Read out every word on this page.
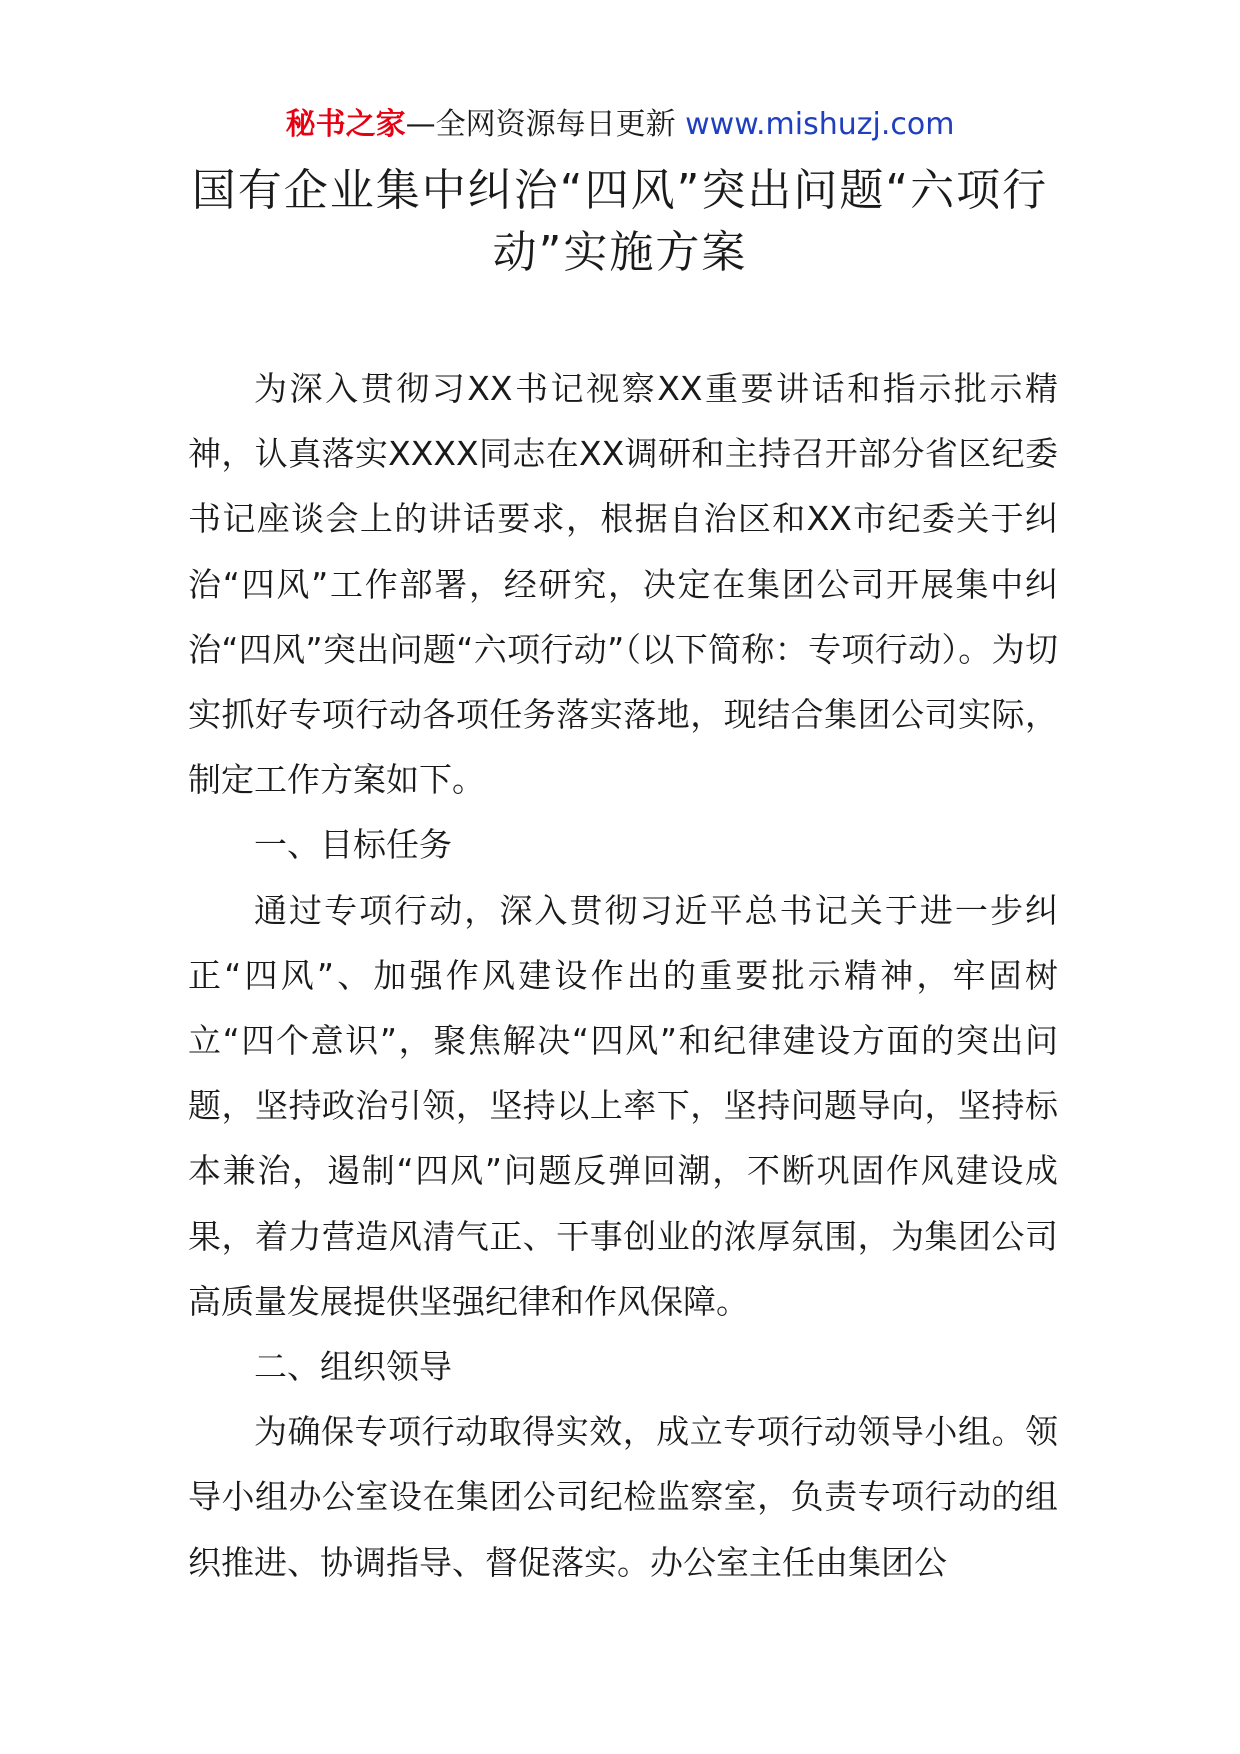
秘书之家—全网资源每日更新 www.mishuzj.com
国有企业集中纠治“四风”突出问题“六项行动”实施方案

为深入贯彻习XX书记视察XX重要讲话和指示批示精神，认真落实XXXX同志在XX调研和主持召开部分省区纪委书记座谈会上的讲话要求，根据自治区和XX市纪委关于纠治“四风”工作部署，经研究，决定在集团公司开展集中纠治“四风”突出问题“六项行动”（以下简称：专项行动）。为切实抓好专项行动各项任务落实落地，现结合集团公司实际，制定工作方案如下。

一、目标任务

通过专项行动，深入贯彻习近平总书记关于进一步纠正“四风”、加强作风建设作出的重要批示精神，牢固树立“四个意识”，聚焦解决“四风”和纪律建设方面的突出问题，坚持政治引领，坚持以上率下，坚持问题导向，坚持标本兼治，遏制“四风”问题反弹回潮，不断巩固作风建设成果，着力营造风清气正、干事创业的浓厚氛围，为集团公司高质量发展提供坚强纪律和作风保障。

二、组织领导

为确保专项行动取得实效，成立专项行动领导小组。领导小组办公室设在集团公司纪检监察室，负责专项行动的组织推进、协调指导、督促落实。办公室主任由集团公
